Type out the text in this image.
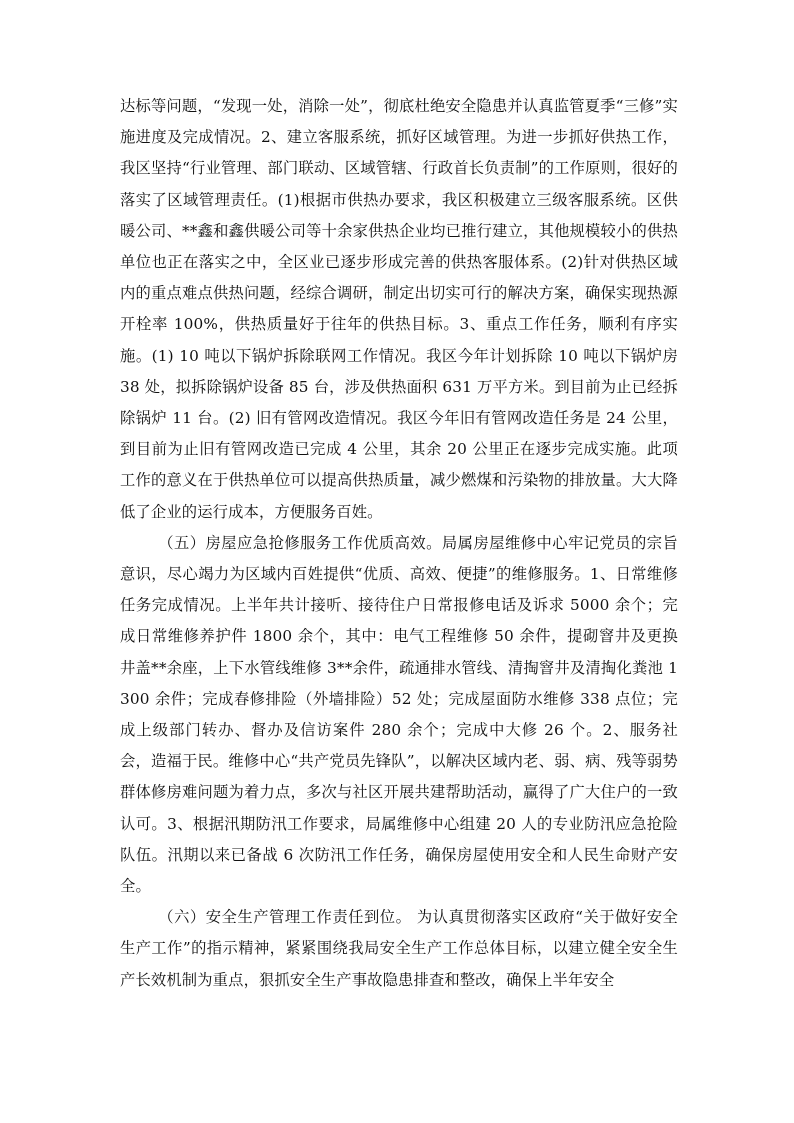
达标等问题，“发现一处，消除一处”，彻底杜绝安全隐患并认真监管夏季“三修”实施进度及完成情况。2、建立客服系统，抓好区域管理。为进一步抓好供热工作，我区坚持“行业管理、部门联动、区域管辖、行政首长负责制”的工作原则，很好的落实了区域管理责任。(1)根据市供热办要求，我区积极建立三级客服系统。区供暖公司、**鑫和鑫供暖公司等十余家供热企业均已推行建立，其他规模较小的供热单位也正在落实之中，全区业已逐步形成完善的供热客服体系。(2)针对供热区域内的重点难点供热问题，经综合调研，制定出切实可行的解决方案，确保实现热源开栓率 100%，供热质量好于往年的供热目标。3、重点工作任务，顺利有序实施。(1) 10 吨以下锅炉拆除联网工作情况。我区今年计划拆除 10 吨以下锅炉房 38 处，拟拆除锅炉设备 85 台，涉及供热面积 631 万平方米。到目前为止已经拆除锅炉 11 台。(2) 旧有管网改造情况。我区今年旧有管网改造任务是 24 公里，到目前为止旧有管网改造已完成 4 公里，其余 20 公里正在逐步完成实施。此项工作的意义在于供热单位可以提高供热质量，减少燃煤和污染物的排放量。大大降低了企业的运行成本，方便服务百姓。

（五）房屋应急抢修服务工作优质高效。局属房屋维修中心牢记党员的宗旨意识，尽心竭力为区域内百姓提供“优质、高效、便捷”的维修服务。1、日常维修任务完成情况。上半年共计接听、接待住户日常报修电话及诉求 5000 余个；完成日常维修养护件 1800 余个，其中：电气工程维修 50 余件，提砌窨井及更换井盖**余座，上下水管线维修 3**余件，疏通排水管线、清掏窨井及清掏化粪池 1300 余件；完成春修排险（外墙排险）52 处；完成屋面防水维修 338 点位；完成上级部门转办、督办及信访案件 280 余个；完成中大修 26 个。2、服务社会，造福于民。维修中心“共产党员先锋队”，以解决区域内老、弱、病、残等弱势群体修房难问题为着力点，多次与社区开展共建帮助活动，赢得了广大住户的一致认可。3、根据汛期防汛工作要求，局属维修中心组建 20 人的专业防汛应急抢险队伍。汛期以来已备战 6 次防汛工作任务，确保房屋使用安全和人民生命财产安全。

（六）安全生产管理工作责任到位。 为认真贯彻落实区政府“关于做好安全生产工作”的指示精神，紧紧围绕我局安全生产工作总体目标，以建立健全安全生产长效机制为重点，狠抓安全生产事故隐患排查和整改，确保上半年安全
